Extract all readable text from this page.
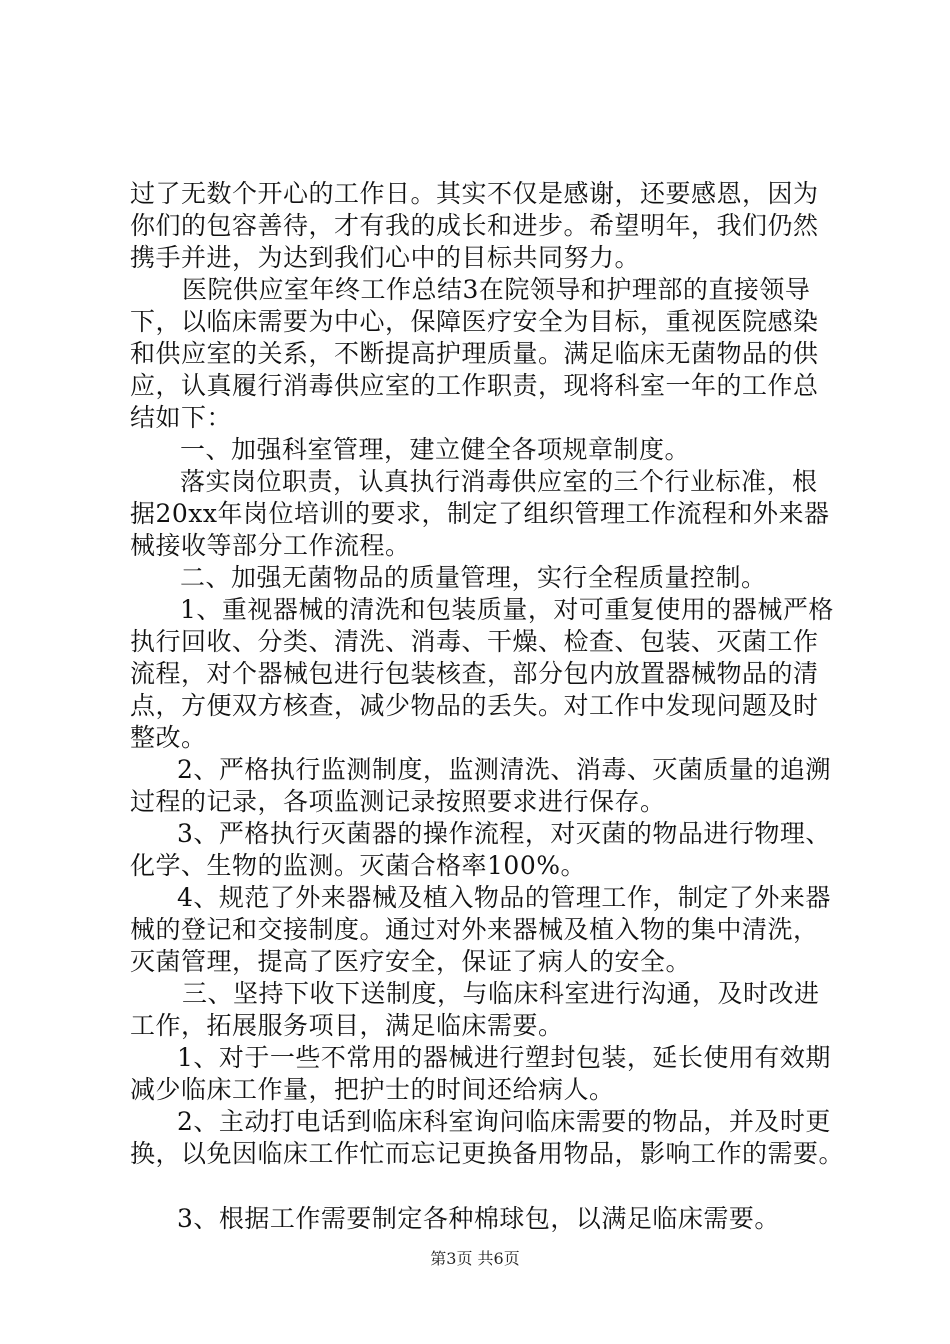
过了无数个开心的工作日。其实不仅是感谢，还要感恩，因为
你们的包容善待，才有我的成长和进步。希望明年，我们仍然
携手并进，为达到我们心中的目标共同努力。
医院供应室年终工作总结3在院领导和护理部的直接领导
下，以临床需要为中心，保障医疗安全为目标，重视医院感染
和供应室的关系，不断提高护理质量。满足临床无菌物品的供
应，认真履行消毒供应室的工作职责，现将科室一年的工作总
结如下：
一、加强科室管理，建立健全各项规章制度。
落实岗位职责，认真执行消毒供应室的三个行业标准，根
据20xx年岗位培训的要求，制定了组织管理工作流程和外来器
械接收等部分工作流程。
二、加强无菌物品的质量管理，实行全程质量控制。
1、重视器械的清洗和包装质量，对可重复使用的器械严格
执行回收、分类、清洗、消毒、干燥、检查、包装、灭菌工作
流程，对个器械包进行包装核查，部分包内放置器械物品的清
点，方便双方核查，减少物品的丢失。对工作中发现问题及时
整改。
2、严格执行监测制度，监测清洗、消毒、灭菌质量的追溯
过程的记录，各项监测记录按照要求进行保存。
3、严格执行灭菌器的操作流程，对灭菌的物品进行物理、
化学、生物的监测。灭菌合格率100%。
4、规范了外来器械及植入物品的管理工作，制定了外来器
械的登记和交接制度。通过对外来器械及植入物的集中清洗，
灭菌管理，提高了医疗安全，保证了病人的安全。
三、坚持下收下送制度，与临床科室进行沟通，及时改进
工作，拓展服务项目，满足临床需要。
1、对于一些不常用的器械进行塑封包装，延长使用有效期
减少临床工作量，把护士的时间还给病人。
2、主动打电话到临床科室询问临床需要的物品，并及时更
换，以免因临床工作忙而忘记更换备用物品，影响工作的需要。
3、根据工作需要制定各种棉球包，以满足临床需要。
第3页 共6页
